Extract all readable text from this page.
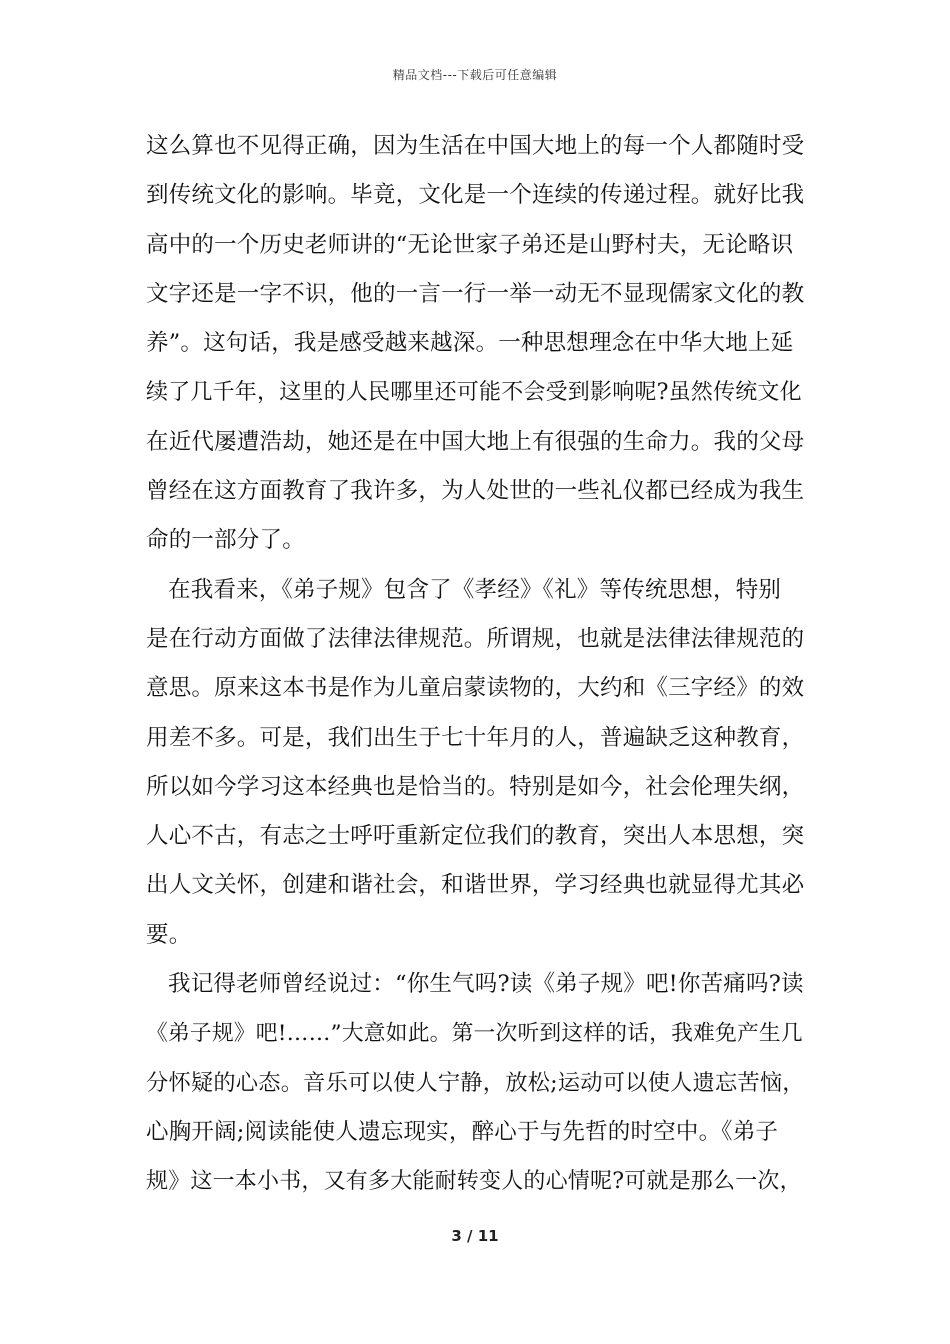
精品文档---下载后可任意编辑
这么算也不见得正确，因为生活在中国大地上的每一个人都随时受
到传统文化的影响。毕竟，文化是一个连续的传递过程。就好比我
高中的一个历史老师讲的“无论世家子弟还是山野村夫，无论略识
文字还是一字不识，他的一言一行一举一动无不显现儒家文化的教
养”。这句话，我是感受越来越深。一种思想理念在中华大地上延
续了几千年，这里的人民哪里还可能不会受到影响呢?虽然传统文化
在近代屡遭浩劫，她还是在中国大地上有很强的生命力。我的父母
曾经在这方面教育了我许多，为人处世的一些礼仪都已经成为我生
命的一部分了。
在我看来，《弟子规》包含了《孝经》《礼》等传统思想，特别
是在行动方面做了法律法律规范。所谓规，也就是法律法律规范的
意思。原来这本书是作为儿童启蒙读物的，大约和《三字经》的效
用差不多。可是，我们出生于七十年月的人，普遍缺乏这种教育，
所以如今学习这本经典也是恰当的。特别是如今，社会伦理失纲，
人心不古，有志之士呼吁重新定位我们的教育，突出人本思想，突
出人文关怀，创建和谐社会，和谐世界，学习经典也就显得尤其必
要。
我记得老师曾经说过：“你生气吗?读《弟子规》吧!你苦痛吗?读
《弟子规》吧!……”大意如此。第一次听到这样的话，我难免产生几
分怀疑的心态。音乐可以使人宁静，放松;运动可以使人遗忘苦恼，
心胸开阔;阅读能使人遗忘现实，醉心于与先哲的时空中。《弟子
规》这一本小书，又有多大能耐转变人的心情呢?可就是那么一次，
3 / 11
